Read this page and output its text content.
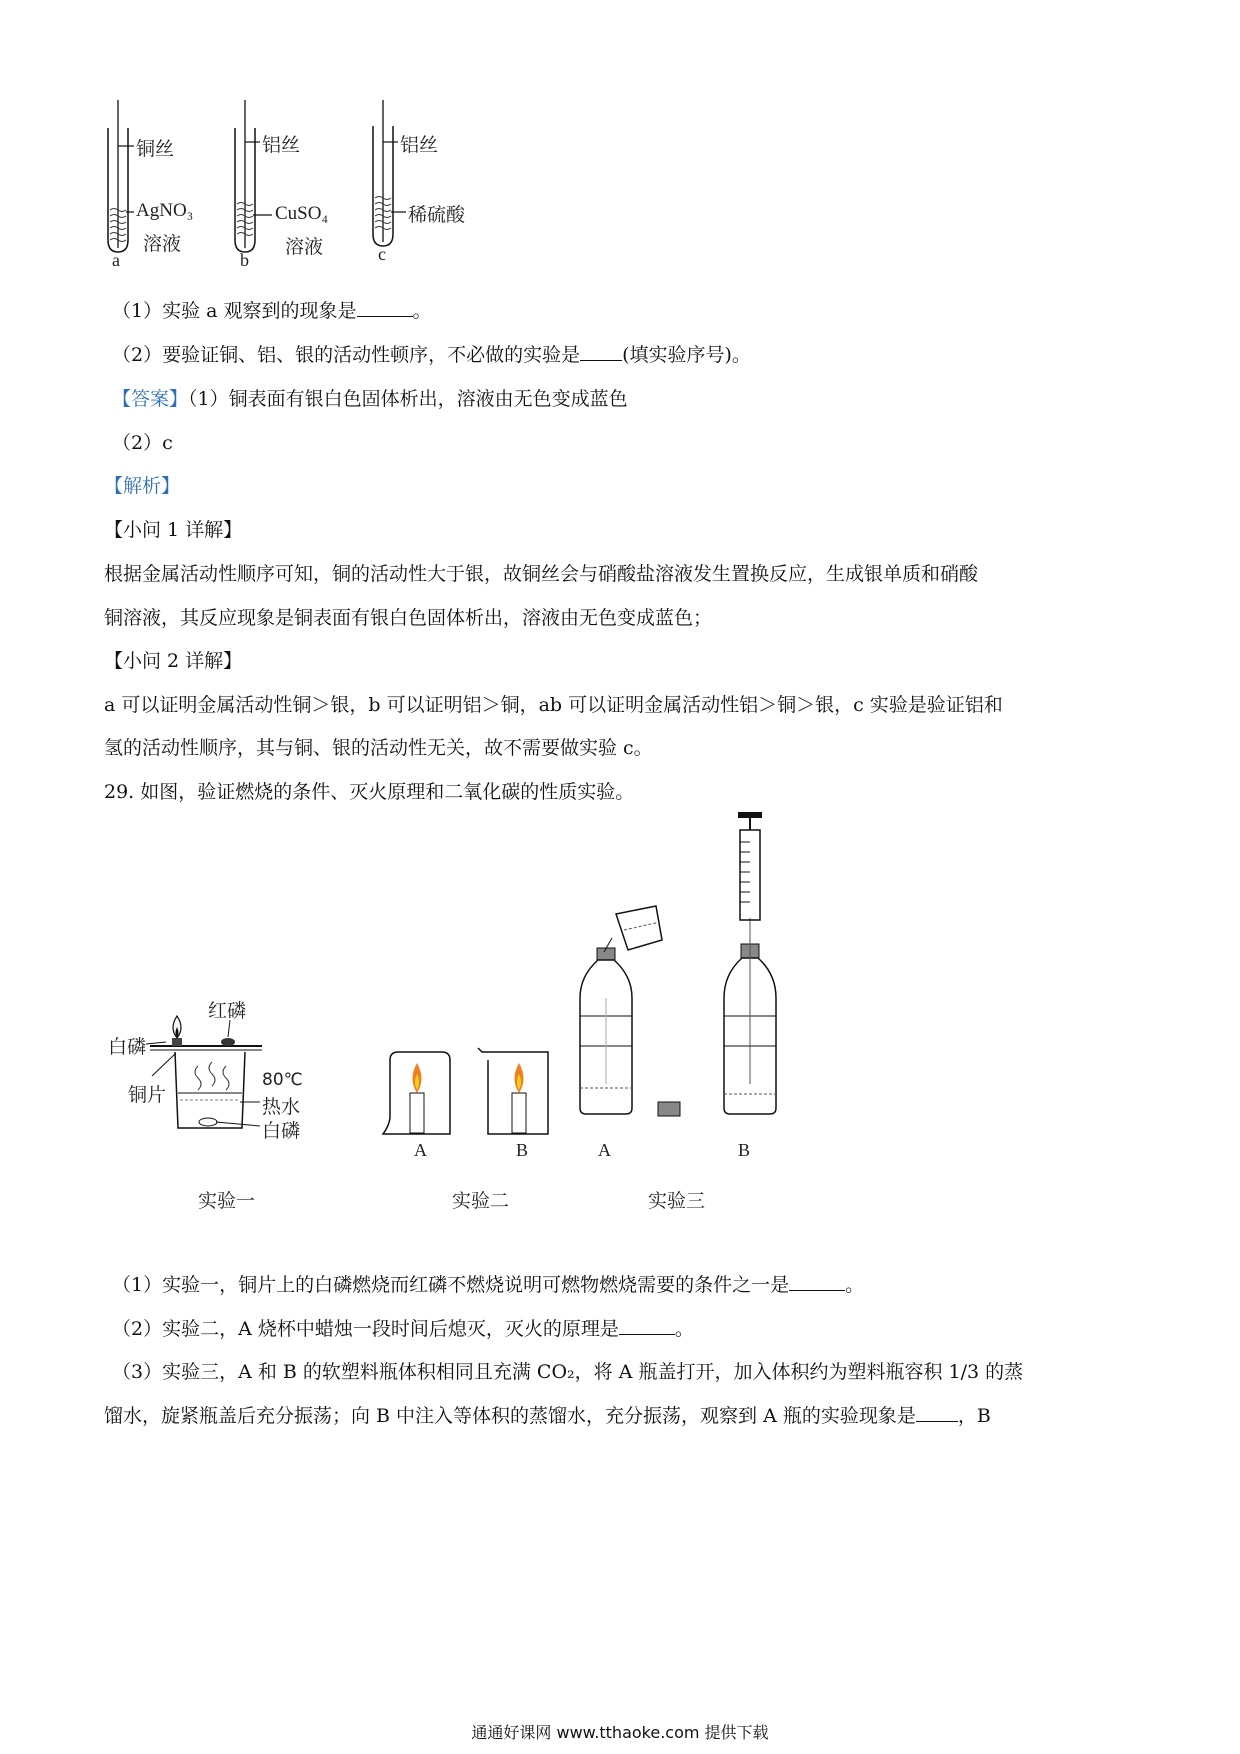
铜丝
AgNO₃
溶液
a
铝丝
CuSO₄
溶液
b
铝丝
稀硫酸
c
（1）实验 a 观察到的现象是	。
（2）要验证铜、铝、银的活动性顿序，不必做的实验是 (填实验序号)。
【答案】（1）铜表面有银白色固体析出，溶液由无色变成蓝色
（2）c
【解析】
【小问 1 详解】
根据金属活动性顺序可知，铜的活动性大于银，故铜丝会与硝酸盐溶液发生置换反应，生成银单质和硝酸
铜溶液，其反应现象是铜表面有银白色固体析出，溶液由无色变成蓝色；
【小问 2 详解】
a 可以证明金属活动性铜＞银，b 可以证明铝＞铜，ab 可以证明金属活动性铝＞铜＞银，c 实验是验证铝和
氢的活动性顺序，其与铜、银的活动性无关，故不需要做实验 c。
29. 如图，验证燃烧的条件、灭火原理和二氧化碳的性质实验。
红磷
白磷
铜片
80℃
热水
白磷
A	B	A	B
实验一	实验二	实验三
（1）实验一，铜片上的白磷燃烧而红磷不燃烧说明可燃物燃烧需要的条件之一是	。
（2）实验二，A 烧杯中蜡烛一段时间后熄灭，灭火的原理是	。
（3）实验三，A 和 B 的软塑料瓶体积相同且充满 CO₂，将 A 瓶盖打开，加入体积约为塑料瓶容积 1/3 的蒸
馏水，旋紧瓶盖后充分振荡；向 B 中注入等体积的蒸馏水，充分振荡，观察到 A 瓶的实验现象是 ，B
通通好课网 www.tthaoke.com 提供下载
